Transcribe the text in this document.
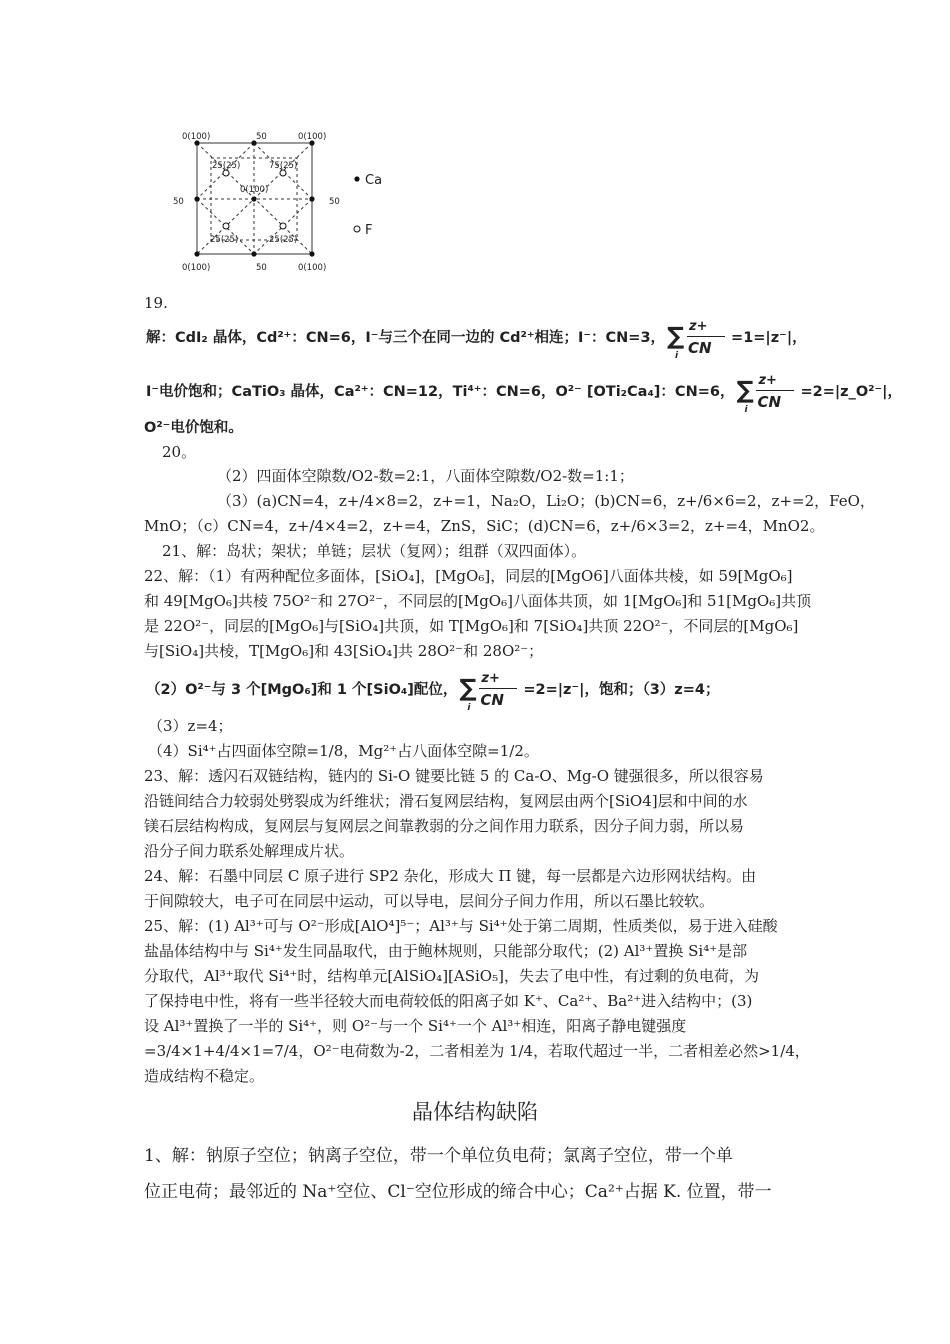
0(100)	50	0(100)
25(25)	75(25)
0(100)
50	50
25(25)	25(25)
0(100)	50	0(100)
Ca
F
19.
解：CdI₂ 晶体，Cd²⁺：CN=6，I⁻与三个在同一边的 Cd²⁺相连；I⁻：CN=3， ∑
i
z+
CN
=1=|z⁻|，
I⁻电价饱和；CaTiO₃ 晶体，Ca²⁺：CN=12，Ti⁴⁺：CN=6，O²⁻ [OTi₂Ca₄]：CN=6， ∑
i
z+
CN
=2=|z_O²⁻|，
O²⁻电价饱和。
20。
（2）四面体空隙数/O2-数=2:1，八面体空隙数/O2-数=1:1；
（3）(a)CN=4，z+/4×8=2，z+=1，Na₂O，Li₂O；(b)CN=6，z+/6×6=2，z+=2，FeO，
MnO；（c）CN=4，z+/4×4=2，z+=4，ZnS，SiC；(d)CN=6，z+/6×3=2，z+=4，MnO2。
21、解：岛状；架状；单链；层状（复网）；组群（双四面体）。
22、解：（1）有两种配位多面体，[SiO₄]，[MgO₆]，同层的[MgO6]八面体共棱，如 59[MgO₆]
和 49[MgO₆]共棱 75O²⁻和 27O²⁻，不同层的[MgO₆]八面体共顶，如 1[MgO₆]和 51[MgO₆]共顶
是 22O²⁻，同层的[MgO₆]与[SiO₄]共顶，如 T[MgO₆]和 7[SiO₄]共顶 22O²⁻，不同层的[MgO₆]
与[SiO₄]共棱，T[MgO₆]和 43[SiO₄]共 28O²⁻和 28O²⁻；
（2）O²⁻与 3 个[MgO₆]和 1 个[SiO₄]配位， ∑
i
z+
CN
=2=|z⁻|，饱和；（3）z=4；
（3）z=4；
（4）Si⁴⁺占四面体空隙=1/8，Mg²⁺占八面体空隙=1/2。
23、解：透闪石双链结构，链内的 Si-O 键要比链 5 的 Ca-O、Mg-O 键强很多，所以很容易
沿链间结合力较弱处劈裂成为纤维状；滑石复网层结构，复网层由两个[SiO4]层和中间的水
镁石层结构构成，复网层与复网层之间靠教弱的分之间作用力联系，因分子间力弱，所以易
沿分子间力联系处解理成片状。
24、解：石墨中同层 C 原子进行 SP2 杂化，形成大 Π 键，每一层都是六边形网状结构。由
于间隙较大，电子可在同层中运动，可以导电，层间分子间力作用，所以石墨比较软。
25、解：(1) Al³⁺可与 O²⁻形成[AlO⁴]⁵⁻；Al³⁺与 Si⁴⁺处于第二周期，性质类似，易于进入硅酸
盐晶体结构中与 Si⁴⁺发生同晶取代，由于鲍林规则，只能部分取代；(2) Al³⁺置换 Si⁴⁺是部
分取代，Al³⁺取代 Si⁴⁺时，结构单元[AlSiO₄][ASiO₅]，失去了电中性，有过剩的负电荷，为
了保持电中性，将有一些半径较大而电荷较低的阳离子如 K⁺、Ca²⁺、Ba²⁺进入结构中；(3)
设 Al³⁺置换了一半的 Si⁴⁺，则 O²⁻与一个 Si⁴⁺一个 Al³⁺相连，阳离子静电键强度
=3/4×1+4/4×1=7/4，O²⁻电荷数为-2，二者相差为 1/4，若取代超过一半，二者相差必然>1/4，
造成结构不稳定。
晶体结构缺陷
1、解：钠原子空位；钠离子空位，带一个单位负电荷；氯离子空位，带一个单
位正电荷；最邻近的 Na⁺空位、Cl⁻空位形成的缔合中心；Ca²⁺占据 K. 位置，带一
